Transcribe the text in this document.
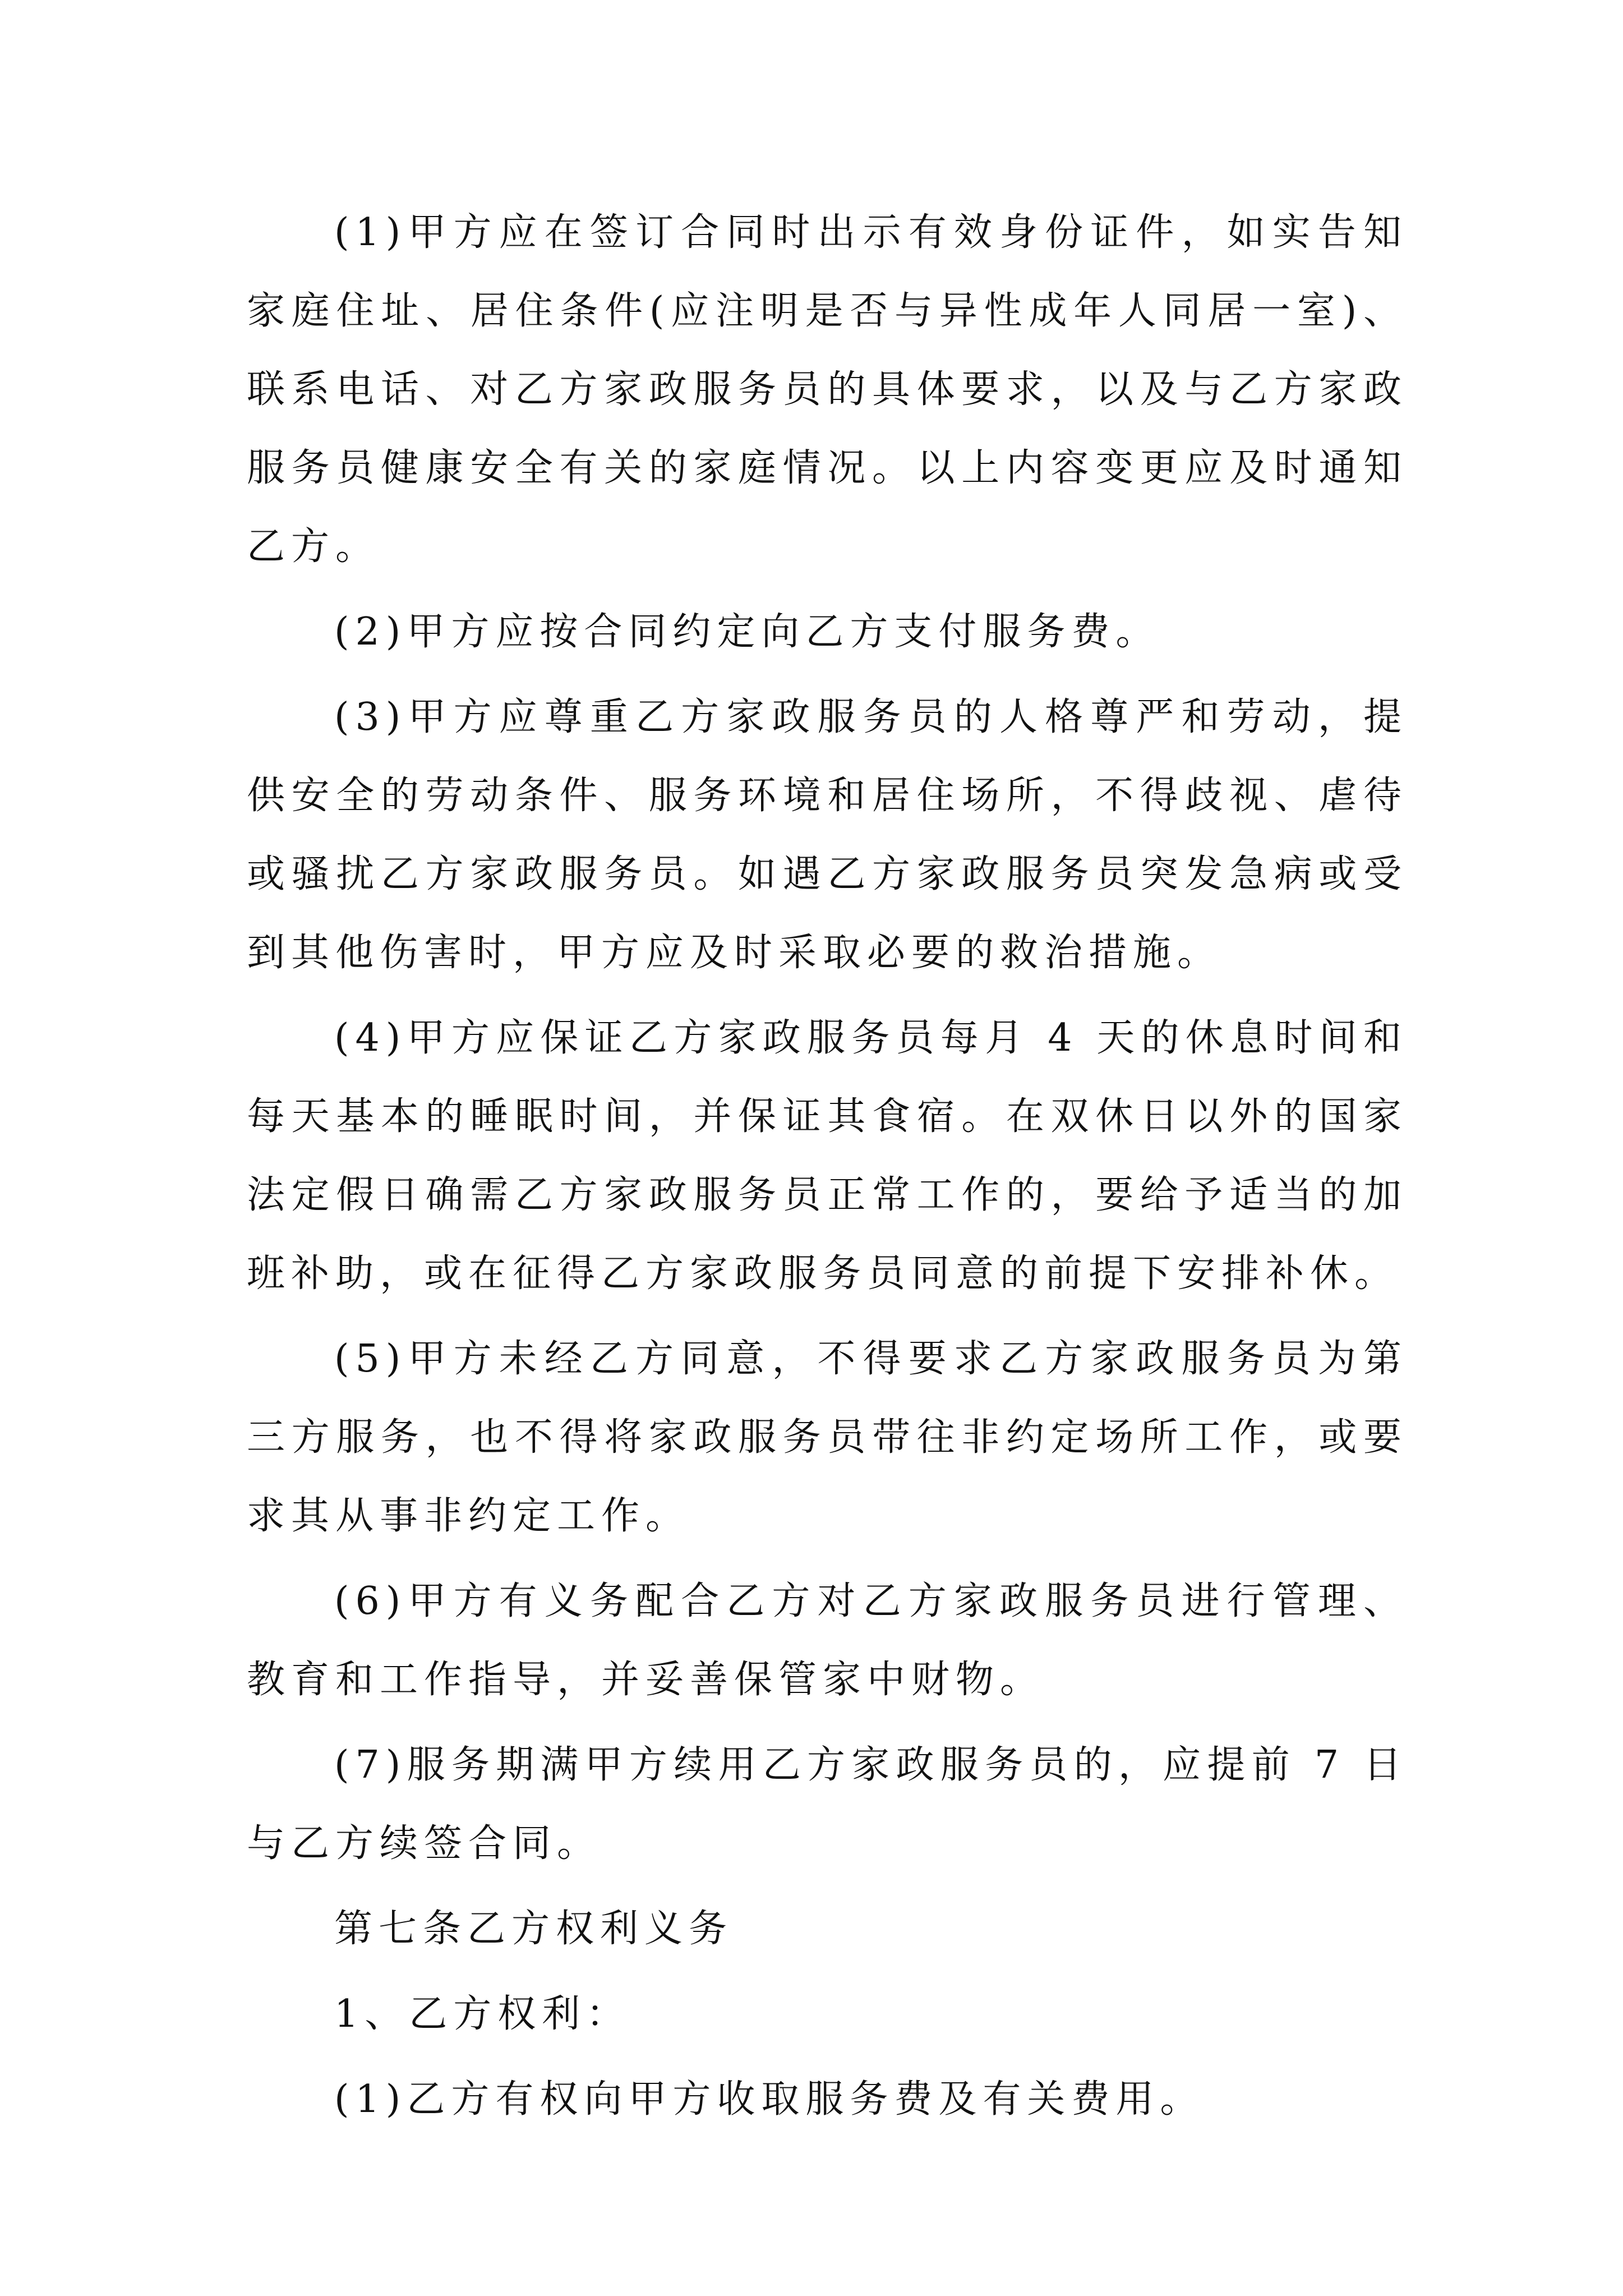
(1)甲方应在签订合同时出示有效身份证件，如实告知家庭住址、居住条件(应注明是否与异性成年人同居一室)、联系电话、对乙方家政服务员的具体要求，以及与乙方家政服务员健康安全有关的家庭情况。以上内容变更应及时通知乙方。

(2)甲方应按合同约定向乙方支付服务费。

(3)甲方应尊重乙方家政服务员的人格尊严和劳动，提供安全的劳动条件、服务环境和居住场所，不得歧视、虐待或骚扰乙方家政服务员。如遇乙方家政服务员突发急病或受到其他伤害时，甲方应及时采取必要的救治措施。

(4)甲方应保证乙方家政服务员每月 4 天的休息时间和每天基本的睡眠时间，并保证其食宿。在双休日以外的国家法定假日确需乙方家政服务员正常工作的，要给予适当的加班补助，或在征得乙方家政服务员同意的前提下安排补休。

(5)甲方未经乙方同意，不得要求乙方家政服务员为第三方服务，也不得将家政服务员带往非约定场所工作，或要求其从事非约定工作。

(6)甲方有义务配合乙方对乙方家政服务员进行管理、教育和工作指导，并妥善保管家中财物。

(7)服务期满甲方续用乙方家政服务员的，应提前 7 日与乙方续签合同。

第七条乙方权利义务

1、乙方权利：

(1)乙方有权向甲方收取服务费及有关费用。
